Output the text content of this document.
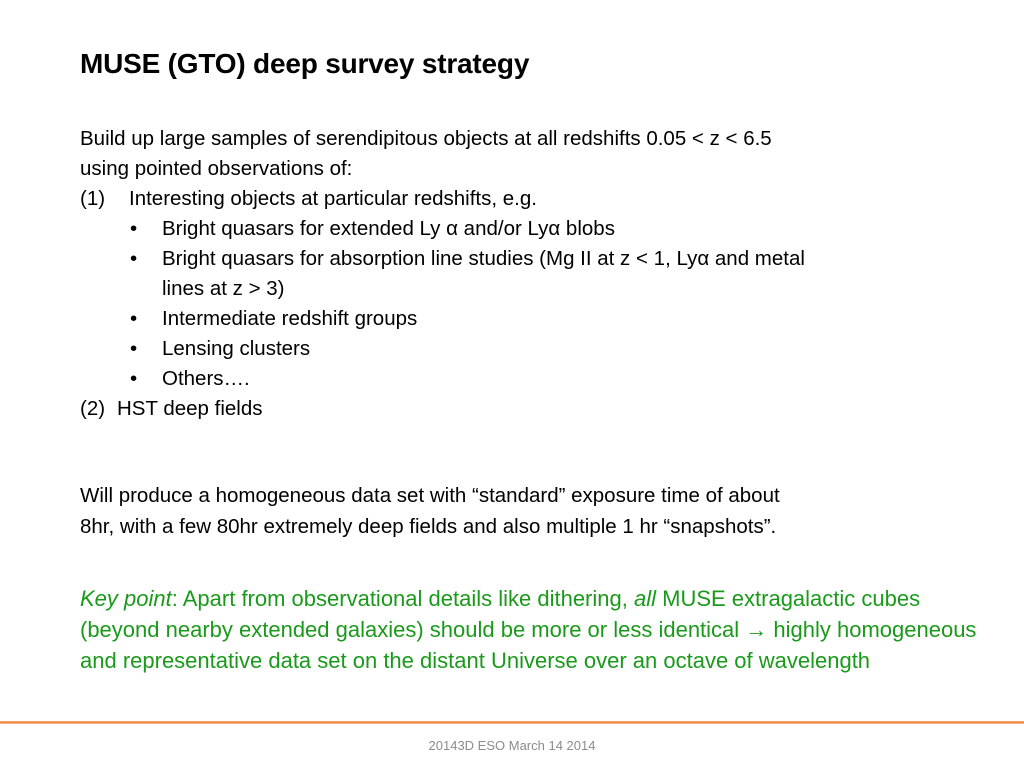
MUSE (GTO) deep survey strategy
Build up large samples of serendipitous objects at all redshifts 0.05 < z < 6.5
using pointed observations of:
(1) Interesting objects at particular redshifts, e.g.
• Bright quasars for extended Ly α and/or Lyα blobs
• Bright quasars for absorption line studies (Mg II at z < 1, Lyα and metal
lines at z > 3)
• Intermediate redshift groups
• Lensing clusters
• Others….
(2) HST deep fields
Will produce a homogeneous data set with “standard” exposure time of about
8hr, with a few 80hr extremely deep fields and also multiple 1 hr “snapshots”.
Key point: Apart from observational details like dithering, all MUSE extragalactic cubes (beyond nearby extended galaxies) should be more or less identical → highly homogeneous and representative data set on the distant Universe over an octave of wavelength
20143D ESO March 14 2014
